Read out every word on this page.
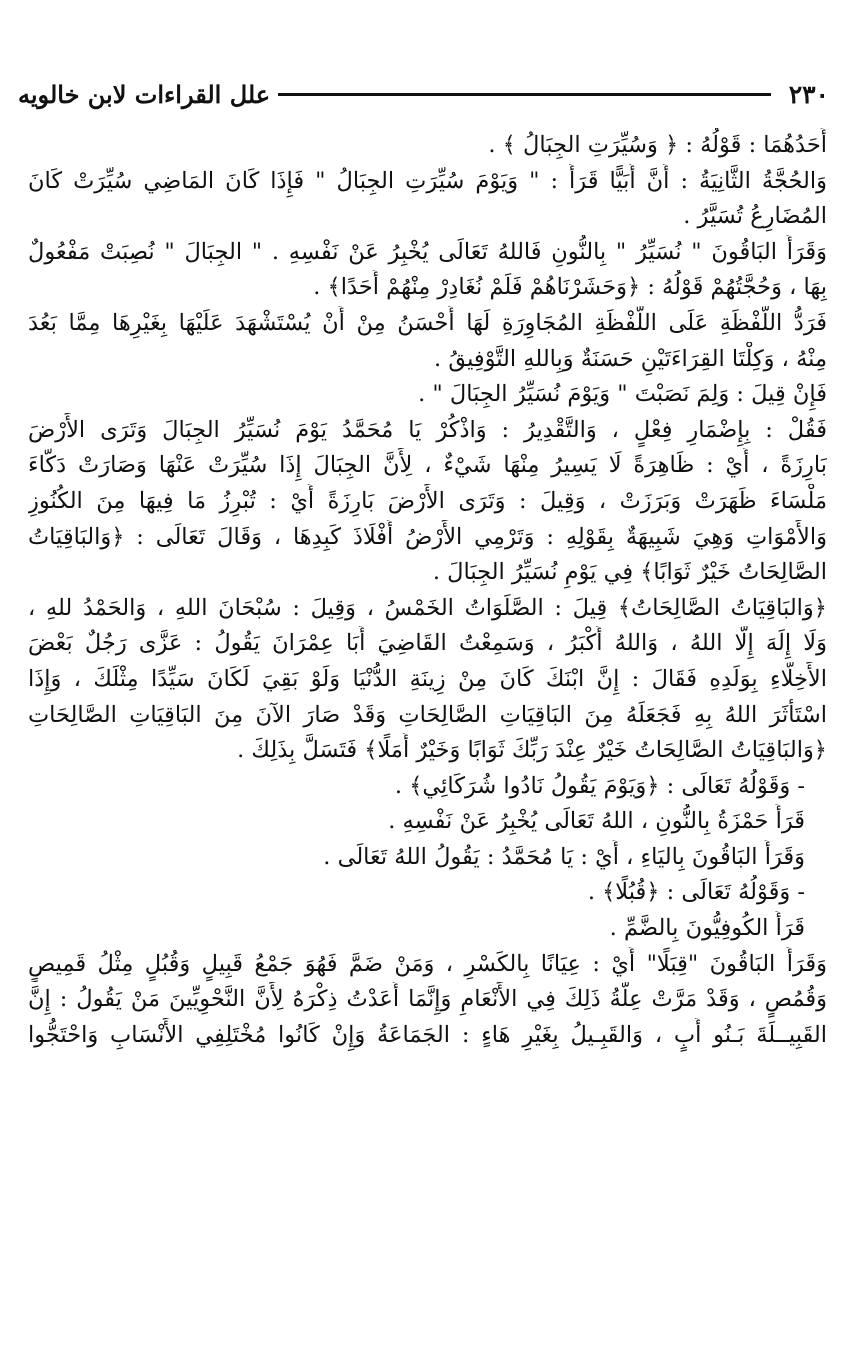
٢٣٠
علل القراءات لابن خالويه
أَحَدُهُمَا : قَوْلُهُ : ﴿ وَسُيِّرَتِ الجِبَالُ ﴾ .
وَالحُجَّةُ الثَّانِيَةُ : أَنَّ أُبَيًّا قَرَأَ : " وَيَوْمَ سُيِّرَتِ الجِبَالُ " فَإِذَا كَانَ المَاضِي سُيِّرَتْ كَانَ
المُضَارِعُ تُسَيَّرُ .
وَقَرَأَ البَاقُونَ " نُسَيِّرُ " بِالنُّونِ فَاللهُ تَعَالَى يُخْبِرُ عَنْ نَفْسِهِ . " الجِبَالَ " نُصِبَتْ مَفْعُولٌ
بِهَا ، وَحُجَّتُهُمْ قَوْلُهُ : ﴿وَحَشَرْنَاهُمْ فَلَمْ نُغَادِرْ مِنْهُمْ أَحَدًا﴾ .
فَرَدُّ اللَّفْظَةِ عَلَى اللَّفْظَةِ المُجَاوِرَةِ لَهَا أَحْسَنُ مِنْ أَنْ يُسْتَشْهَدَ عَلَيْهَا بِغَيْرِهَا مِمَّا بَعُدَ
مِنْهُ ، وَكِلْتَا القِرَاءَتَيْنِ حَسَنَةٌ وَبِاللهِ التَّوْفِيقُ .
فَإِنْ قِيلَ : وَلِمَ نَصَبْتَ " وَيَوْمَ نُسَيِّرُ الجِبَالَ " .
فَقُلْ : بِإِضْمَارِ فِعْلٍ ، وَالتَّقْدِيرُ : وَاذْكُرْ يَا مُحَمَّدُ يَوْمَ نُسَيِّرُ الجِبَالَ وَتَرَى الأَرْضَ
بَارِزَةً ، أَيْ : ظَاهِرَةً لَا يَسِيرُ مِنْهَا شَيْءٌ ، لِأَنَّ الجِبَالَ إِذَا سُيِّرَتْ عَنْهَا وَصَارَتْ دَكَّاءَ
مَلْسَاءَ ظَهَرَتْ وَبَرَزَتْ ، وَقِيلَ : وَتَرَى الأَرْضَ بَارِزَةً أَيْ : تُبْرِزُ مَا فِيهَا مِنَ الكُنُوزِ
وَالأَمْوَاتِ وَهِيَ شَبِيهَةٌ بِقَوْلِهِ : وَتَرْمِي الأَرْضُ أَفْلَاذَ كَبِدِهَا ، وَقَالَ تَعَالَى : ﴿وَالبَاقِيَاتُ
الصَّالِحَاتُ خَيْرٌ ثَوَابًا﴾ فِي يَوْمِ نُسَيِّرُ الجِبَالَ .
﴿وَالبَاقِيَاتُ الصَّالِحَاتُ﴾ قِيلَ : الصَّلَوَاتُ الخَمْسُ ، وَقِيلَ : سُبْحَانَ اللهِ ، وَالحَمْدُ للهِ ،
وَلَا إِلَهَ إِلَّا اللهُ ، وَاللهُ أَكْبَرُ ، وَسَمِعْتُ القَاضِيَ أَبَا عِمْرَانَ يَقُولُ : عَزَّى رَجُلٌ بَعْضَ
الأَخِلَّاءِ بِوَلَدِهِ فَقَالَ : إِنَّ ابْنَكَ كَانَ مِنْ زِينَةِ الدُّنْيَا وَلَوْ بَقِيَ لَكَانَ سَيِّدًا مِثْلَكَ ، وَإِذَا
اسْتَأْثَرَ اللهُ بِهِ فَجَعَلَهُ مِنَ البَاقِيَاتِ الصَّالِحَاتِ وَقَدْ صَارَ الآنَ مِنَ البَاقِيَاتِ الصَّالِحَاتِ
﴿وَالبَاقِيَاتُ الصَّالِحَاتُ خَيْرٌ عِنْدَ رَبِّكَ ثَوَابًا وَخَيْرٌ أَمَلًا﴾ فَتَسَلَّ بِذَلِكَ .
- وَقَوْلُهُ تَعَالَى : ﴿وَيَوْمَ يَقُولُ نَادُوا شُرَكَائِي﴾ .
قَرَأَ حَمْزَةُ بِالنُّونِ ، اللهُ تَعَالَى يُخْبِرُ عَنْ نَفْسِهِ .
وَقَرَأَ البَاقُونَ بِاليَاءِ ، أَيْ : يَا مُحَمَّدُ : يَقُولُ اللهُ تَعَالَى .
- وَقَوْلُهُ تَعَالَى : ﴿قُبُلًا﴾ .
قَرَأَ الكُوفِيُّونَ بِالضَّمِّ .
وَقَرَأَ البَاقُونَ "قِبَلًا" أَيْ : عِيَانًا بِالكَسْرِ ، وَمَنْ ضَمَّ فَهُوَ جَمْعُ قَبِيلٍ وَقُبُلٍ مِثْلُ قَمِيصٍ
وَقُمُصٍ ، وَقَدْ مَرَّتْ عِلَّةُ ذَلِكَ فِي الأَنْعَامِ وَإِنَّمَا أَعَدْتُ ذِكْرَهُ لِأَنَّ النَّحْوِيِّينَ مَنْ يَقُولُ : إِنَّ
القَبِيــلَةَ بَـنُو أَبٍ ، وَالقَبِـيلُ بِغَيْرِ هَاءٍ : الجَمَاعَةُ وَإِنْ كَانُوا مُخْتَلِفِي الأَنْسَابِ وَاحْتَجُّوا
